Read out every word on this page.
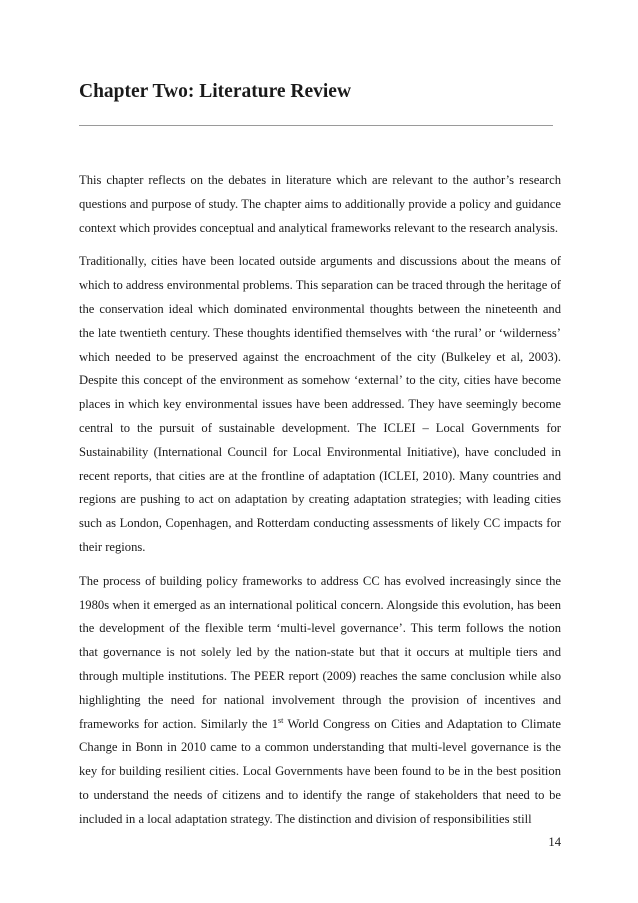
Chapter Two: Literature Review

This chapter reflects on the debates in literature which are relevant to the author’s research questions and purpose of study. The chapter aims to additionally provide a policy and guidance context which provides conceptual and analytical frameworks relevant to the research analysis.

Traditionally, cities have been located outside arguments and discussions about the means of which to address environmental problems. This separation can be traced through the heritage of the conservation ideal which dominated environmental thoughts between the nineteenth and the late twentieth century. These thoughts identified themselves with ‘the rural’ or ‘wilderness’ which needed to be preserved against the encroachment of the city (Bulkeley et al, 2003). Despite this concept of the environment as somehow ‘external’ to the city, cities have become places in which key environmental issues have been addressed. They have seemingly become central to the pursuit of sustainable development. The ICLEI – Local Governments for Sustainability (International Council for Local Environmental Initiative), have concluded in recent reports, that cities are at the frontline of adaptation (ICLEI, 2010). Many countries and regions are pushing to act on adaptation by creating adaptation strategies; with leading cities such as London, Copenhagen, and Rotterdam conducting assessments of likely CC impacts for their regions.

The process of building policy frameworks to address CC has evolved increasingly since the 1980s when it emerged as an international political concern. Alongside this evolution, has been the development of the flexible term ‘multi-level governance’. This term follows the notion that governance is not solely led by the nation-state but that it occurs at multiple tiers and through multiple institutions. The PEER report (2009) reaches the same conclusion while also highlighting the need for national involvement through the provision of incentives and frameworks for action. Similarly the 1st World Congress on Cities and Adaptation to Climate Change in Bonn in 2010 came to a common understanding that multi-level governance is the key for building resilient cities. Local Governments have been found to be in the best position to understand the needs of citizens and to identify the range of stakeholders that need to be included in a local adaptation strategy. The distinction and division of responsibilities still

14
